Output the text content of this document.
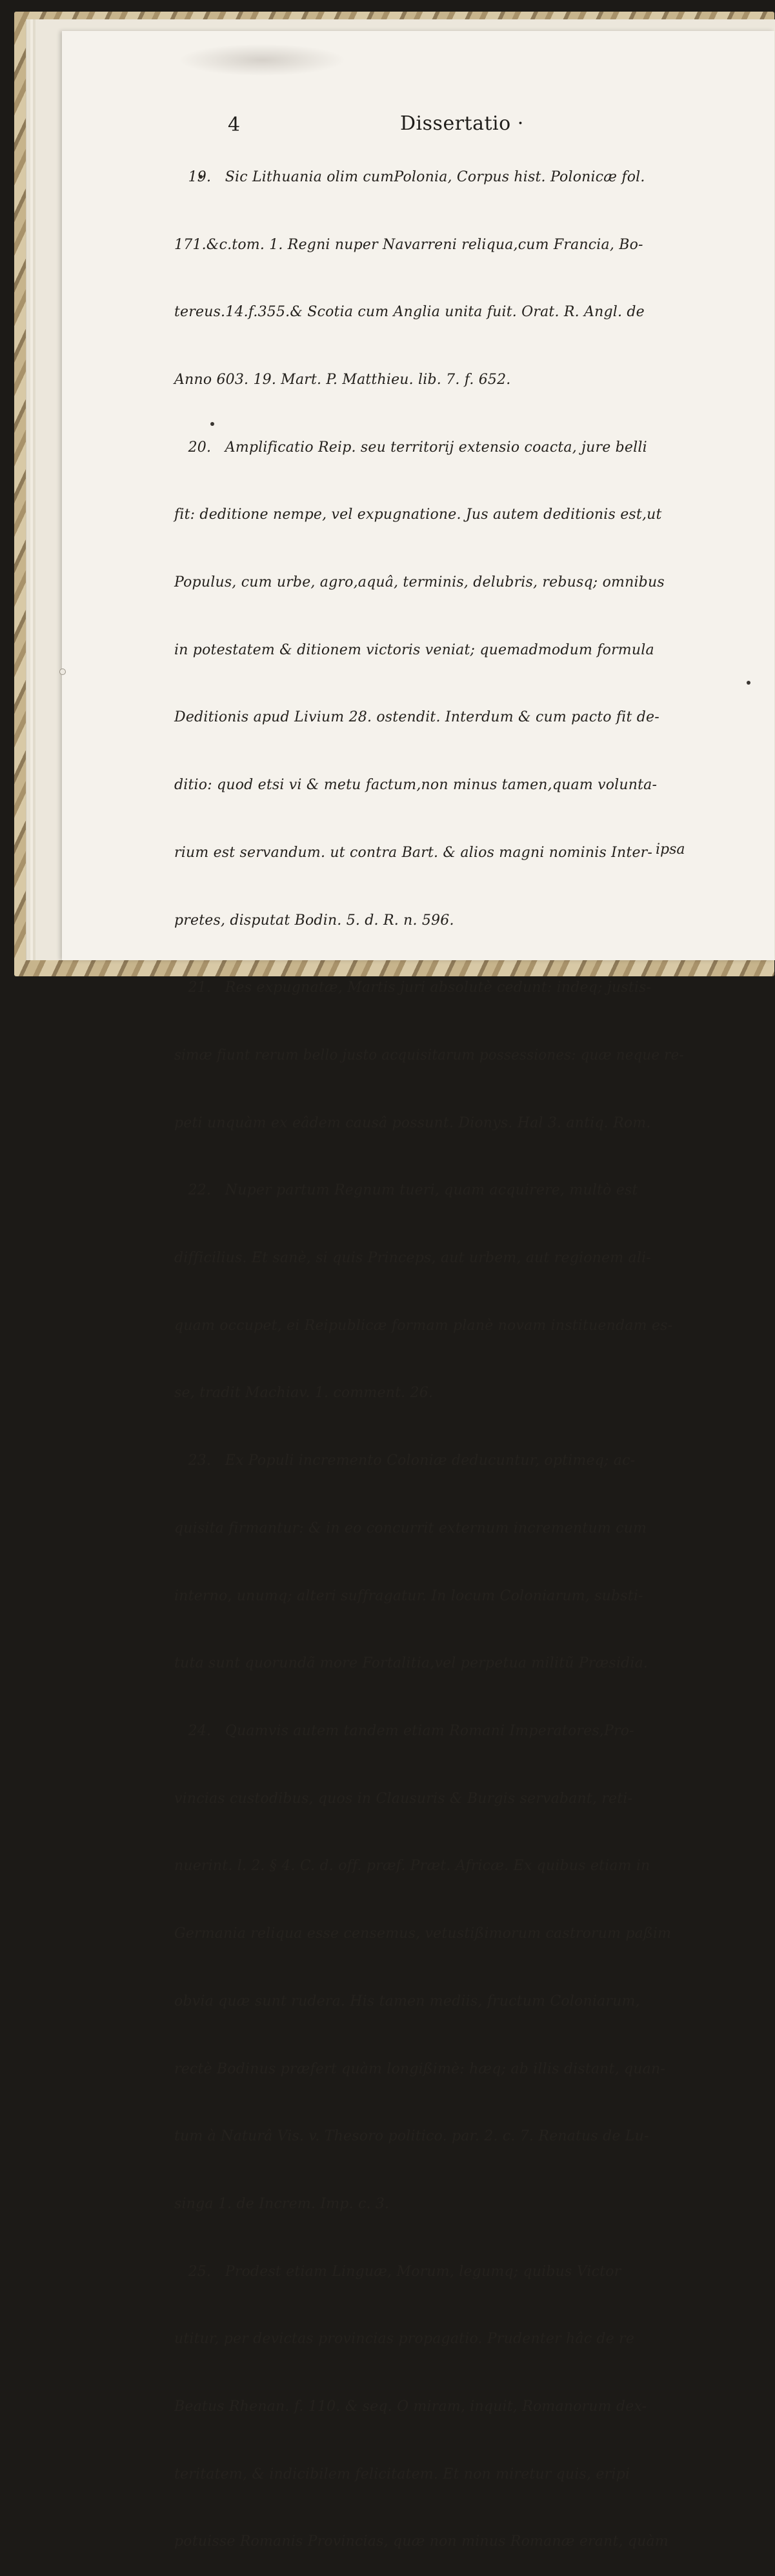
4	Dissertatio ·

19.   Sic Lithuania olim cumPolonia, Corpus hist. Polonicæ fol.

171.&c.tom. 1. Regni nuper Navarreni reliqua,cum Francia, Bo-

tereus.14.f.355.& Scotia cum Anglia unita fuit. Orat. R. Angl. de

Anno 603. 19. Mart. P. Matthieu. lib. 7. f. 652.

20.   Amplificatio Reip. seu territorij extensio coacta, jure belli

fit: deditione nempe, vel expugnatione. Jus autem deditionis est,ut

Populus, cum urbe, agro,aquâ, terminis, delubris, rebusq; omnibus

in potestatem & ditionem victoris veniat; quemadmodum formula

Deditionis apud Livium 28. ostendit. Interdum & cum pacto fit de-

ditio: quod etsi vi & metu factum,non minus tamen,quam volunta-

rium est servandum. ut contra Bart. & alios magni nominis Inter-

pretes, disputat Bodin. 5. d. R. n. 596.

21.   Res expugnatæ, Martis juri absolutè cedunt: indeq; justis-

simæ fiunt rerum bello justo acquisitarum possessiones: quæ neque re-

peti unquàm ex eâdem causâ possunt. Dionys. Hal 3. antiq. Rom.

22.   Nuper partum Regnum tueri, quam acquirere, multò est

difficilius. Et sanè, si quis Princeps, aut urbem, aut regionem ali-

quam occupet, ei Reipublicæ formam planè novam instituendam es-

se, tradit Machiav. 1. comment. 26.

23.   Ex Populi incremento Coloniæ deducuntur, optimeq; ac-

quisita firmantur: & in eo concurrit externum incrementum cum

interno, unumq; alteri suffragatur. In locum Coloniarum, substi-

tuta sunt quorundã more Fortalitia,vel perpetua militũ Præsidia.

24.   Quamvis autem tandem etiam Romani Imperatores,Pro-

vincias custodibus, quos in Clausuris & Burgis servabant, reti-

nuerint. l. 2. § 4. C. d. off. præf. Præt. Africæ. Ex quibus etiam in

Germania reliqua esse censemus, vetustißimorum castrorum paßim

obvia quæ sunt rudera. His tamen mediis, fructum Coloniarum,

rectè Bodinus præfert quàm longißimè: hæq; ab illis distant, quan-

tum à Naturâ Vis. v. Thesoro politico. par. 2. c. 7. Renatus de Lu-

singa 1. de Increm. Imp. c. 3.

25.   Prodest etiam Linguæ, Morum, legumq; quibus Victor

utitur, per devictas provincias propagatio. Prudenter hâc de re

Beatus Rhenan. f. 110. & seq. O miram, inquit, Romanorum dex-

teritatem, & indicibilem felicitatem. Et non miretur quis, eripi

potuisse Romanis Provincias, quæ non minus Romanæ erant, quàm

ipsa
